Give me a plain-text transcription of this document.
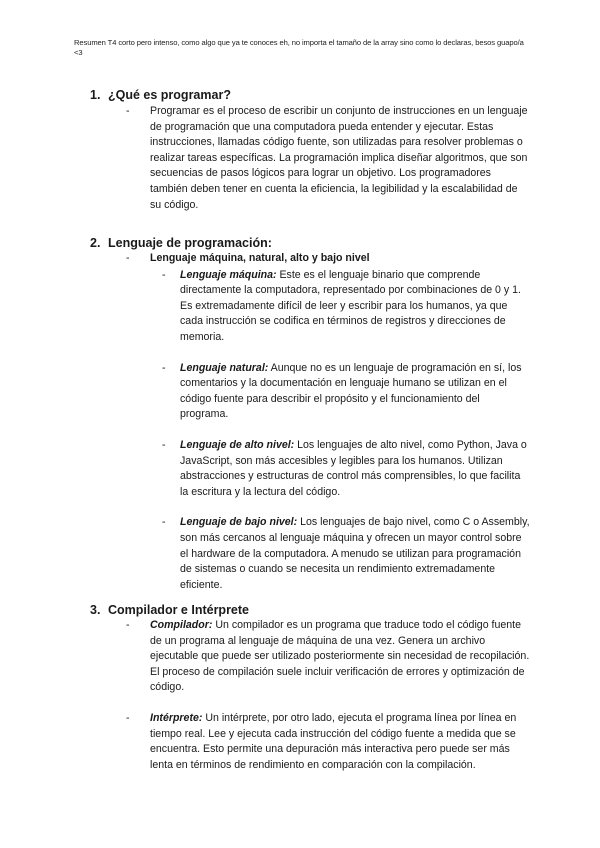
Resumen T4 corto pero intenso, como algo que ya te conoces eh, no importa el tamaño de la array sino como lo declaras, besos guapo/a <3
1. ¿Qué es programar?
-	Programar es el proceso de escribir un conjunto de instrucciones en un lenguaje de programación que una computadora pueda entender y ejecutar. Estas instrucciones, llamadas código fuente, son utilizadas para resolver problemas o realizar tareas específicas. La programación implica diseñar algoritmos, que son secuencias de pasos lógicos para lograr un objetivo. Los programadores también deben tener en cuenta la eficiencia, la legibilidad y la escalabilidad de su código.
2. Lenguaje de programación:
-	Lenguaje máquina, natural, alto y bajo nivel
-	Lenguaje máquina: Este es el lenguaje binario que comprende directamente la computadora, representado por combinaciones de 0 y 1. Es extremadamente difícil de leer y escribir para los humanos, ya que cada instrucción se codifica en términos de registros y direcciones de memoria.
-	Lenguaje natural: Aunque no es un lenguaje de programación en sí, los comentarios y la documentación en lenguaje humano se utilizan en el código fuente para describir el propósito y el funcionamiento del programa.
-	Lenguaje de alto nivel: Los lenguajes de alto nivel, como Python, Java o JavaScript, son más accesibles y legibles para los humanos. Utilizan abstracciones y estructuras de control más comprensibles, lo que facilita la escritura y la lectura del código.
-	Lenguaje de bajo nivel: Los lenguajes de bajo nivel, como C o Assembly, son más cercanos al lenguaje máquina y ofrecen un mayor control sobre el hardware de la computadora. A menudo se utilizan para programación de sistemas o cuando se necesita un rendimiento extremadamente eficiente.
3. Compilador e Intérprete
-	Compilador: Un compilador es un programa que traduce todo el código fuente de un programa al lenguaje de máquina de una vez. Genera un archivo ejecutable que puede ser utilizado posteriormente sin necesidad de recopilación. El proceso de compilación suele incluir verificación de errores y optimización de código.
-	Intérprete: Un intérprete, por otro lado, ejecuta el programa línea por línea en tiempo real. Lee y ejecuta cada instrucción del código fuente a medida que se encuentra. Esto permite una depuración más interactiva pero puede ser más lenta en términos de rendimiento en comparación con la compilación.
